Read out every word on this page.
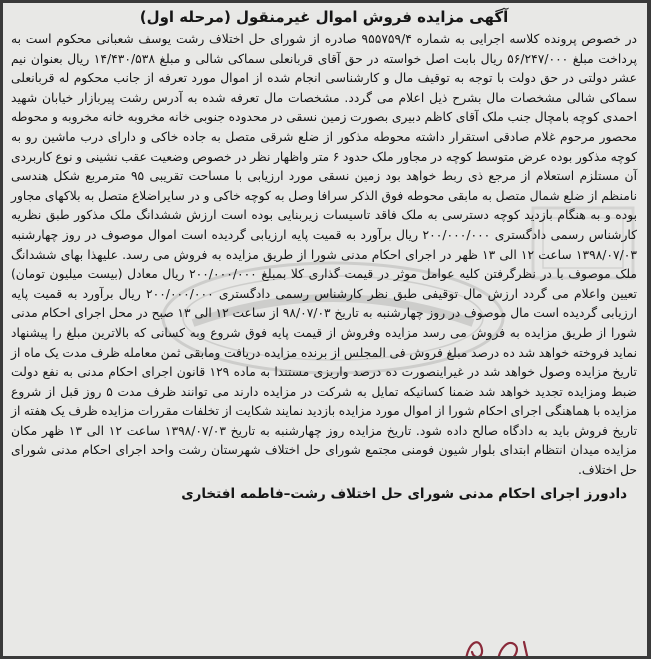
آگهی مزایده فروش اموال غیرمنقول (مرحله اول)

در خصوص پرونده کلاسه اجرایی به شماره ۹۵۵۷۵۹/۴ صادره از شورای حل اختلاف رشت یوسف شعبانی محکوم است به پرداخت مبلغ ۵۶/۲۴۷/۰۰۰ ریال بابت اصل خواسته در حق آقای قربانعلی سماکی شالی و مبلغ ۱۴/۴۳۰/۵۳۸ ریال بعنوان نیم عشر دولتی در حق دولت با توجه به توقیف مال و کارشناسی انجام شده از اموال مورد تعرفه از جانب محکوم له قربانعلی سماکی شالی مشخصات مال بشرح ذیل اعلام می گردد. مشخصات مال تعرفه شده به آدرس رشت پیربازار خیابان شهید احمدی کوچه بامچال جنب ملک آقای کاظم دبیری بصورت زمین نسقی در محدوده جنوبی خانه مخروبه خانه مخروبه و محوطه محصور مرحوم غلام صادقی استقرار داشته محوطه مذکور از ضلع شرقی متصل به جاده خاکی و دارای درب ماشین رو به کوچه مذکور بوده عرض متوسط کوچه در مجاور ملک حدود ۶ متر واظهار نظر در خصوص وضعیت عقب نشینی و نوع کاربردی آن مستلزم استعلام از مرجع ذی ربط خواهد بود زمین نسقی مورد ارزیابی با مساحت تقریبی ۹۵ مترمربع شکل هندسی نامنظم از ضلع شمال متصل به مابقی محوطه فوق الذکر سرافا وصل به کوچه خاکی و در سایراضلاع متصل به بلاکهای مجاور بوده و به هنگام بازدید کوچه دسترسی به ملک فاقد تاسیسات زیربنایی بوده است ارزش ششدانگ ملک مذکور طبق نظریه کارشناس رسمی دادگستری ۲۰۰/۰۰۰/۰۰۰ ریال برآورد به قمیت پایه ارزیابی گردیده است اموال موصوف در روز چهارشنبه ۱۳۹۸/۰۷/۰۳ ساعت ۱۲ الی ۱۳ ظهر در اجرای احکام مدنی شورا از طریق مزایده به فروش می رسد. علیهذا بهای ششدانگ ملک موصوف با در نظرگرفتن کلیه عوامل موثر در قیمت گذاری کلا بمبلغ ۲۰۰/۰۰۰/۰۰۰ ریال معادل (بیست میلیون تومان) تعیین واعلام می گردد ارزش مال توقیفی طبق نظر کارشناس رسمی دادگستری ۲۰۰/۰۰۰/۰۰۰ ریال برآورد به قمیت پایه ارزیابی گردیده است مال موصوف در روز چهارشنبه به تاریخ ۹۸/۰۷/۰۳ از ساعت ۱۲ الی ۱۳ صبح در محل اجرای احکام مدنی شورا از طریق مزایده به فروش می رسد مزایده وفروش از قیمت پایه فوق شروع وبه کسانی که بالاترین مبلغ را پیشنهاد نماید فروخته خواهد شد ده درصد مبلغ فروش فی المجلس از برنده مزایده دریافت ومابقی ثمن معامله ظرف مدت یک ماه از تاریخ مزایده وصول خواهد شد در غیراینصورت ده درصد واریزی مستندا به ماده ۱۲۹ قانون اجرای احکام مدنی به نفع دولت ضبط ومزایده تجدید خواهد شد ضمنا کسانیکه تمایل به شرکت در مزایده دارند می توانند ظرف مدت ۵ روز قبل از شروع مزایده با هماهنگی اجرای احکام شورا از اموال مورد مزایده بازدید نمایند شکایت از تخلفات مقررات مزایده ظرف یک هفته از تاریخ فروش باید به دادگاه صالح داده شود. تاریخ مزایده روز چهارشنبه به تاریخ ۱۳۹۸/۰۷/۰۳ ساعت ۱۲ الی ۱۳ ظهر مکان مزایده میدان انتظام ابتدای بلوار شیون فومنی مجتمع شورای حل اختلاف شهرستان رشت واحد اجرای احکام مدنی شورای حل اختلاف.

دادورز اجرای احکام مدنی شورای حل اختلاف رشت–فاطمه افتخاری
